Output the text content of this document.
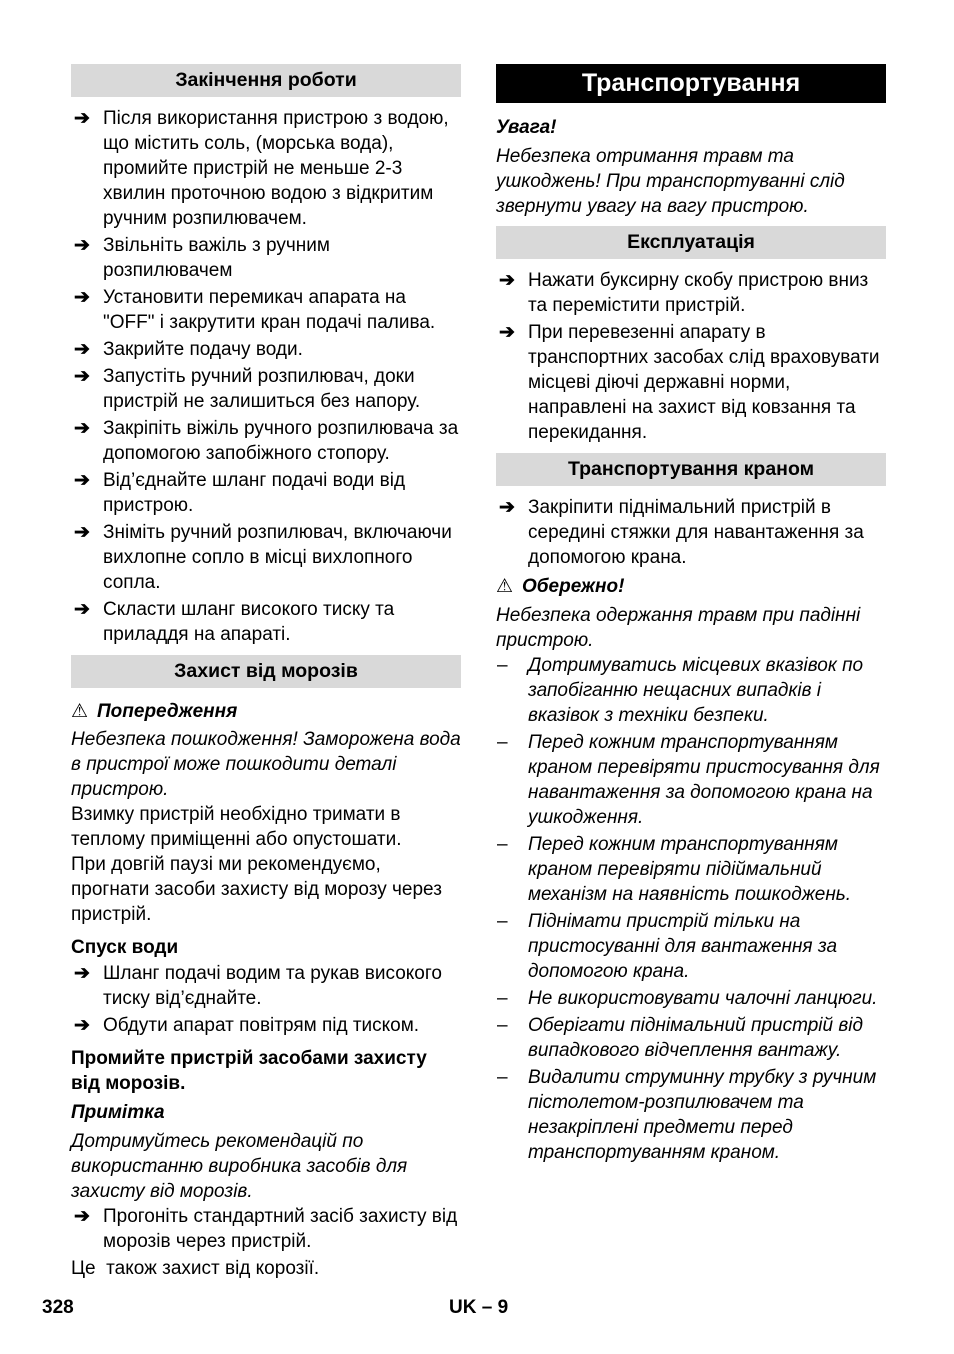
Закінчення роботи
➔ Після використання пристрою з водою, що містить соль, (морська вода), промийте пристрій не меньше 2-3 хвилин проточною водою з відкритим ручним розпилювачем.
➔ Звільніть важіль з ручним розпилювачем
➔ Установити перемикач апарата на "OFF" і закрутити кран подачі палива.
➔ Закрийте подачу води.
➔ Запустіть ручний розпилювач, доки пристрій не залишиться без напору.
➔ Закріпіть віжіль ручного розпилювача за допомогою запобіжного стопору.
➔ Від’єднайте шланг подачі води від пристрою.
➔ Зніміть ручний розпилювач, включаючи вихлопне сопло в місці вихлопного сопла.
➔ Скласти шланг високого тиску та приладдя на апараті.
Захист від морозів

⚠ Попередження

Небезпека пошкодження! Заморожена вода в пристрої може пошкодити деталі пристрою.

Взимку пристрій необхідно тримати в теплому приміщенні або опустошати.

При довгій паузі ми рекомендуємо, прогнати засоби захисту від морозу через пристрій.

Спуск води

➔ Шланг подачі водим та рукав високого тиску від’єднайте.
➔ Обдути апарат повітрям під тиском.

Промийте пристрій засобами захисту від морозів.

Примітка

Дотримуйтесь рекомендацій по використанню виробника засобів для захисту від морозів.

➔ Прогоніть стандартний засіб захисту від морозів через пристрій.

Це  також захист від корозії.

Транспортування

Увага!

Небезпека отримання травм та ушкоджень! При транспортуванні слід звернути увагу на вагу пристрою.

Експлуатація
➔ Нажати буксирну скобу пристрою вниз та перемістити пристрій.
➔ При перевезенні апарату в транспортних засобах слід враховувати місцеві діючі державні норми, направлені на захист від ковзання та перекидання.
Транспортування краном
➔ Закріпити піднімальний пристрій в середині стяжки для навантаження за допомогою крана.

⚠ Обережно!

Небезпека одержання травм при падінні пристрою.

–	Дотримуватись місцевих вказівок по запобіганню нещасних випадків і вказівок з техніки безпеки.
–	Перед кожним транспортуванням краном перевіряти пристосування для навантаження за допомогою крана на ушкодження.
–	Перед кожним транспортуванням краном перевіряти підіймальний механізм на наявність пошкоджень.
–	Піднімати пристрій тільки на пристосуванні для вантаження за допомогою крана.
–	Не використовувати чалочні ланцюги.
–	Оберігати піднімальний пристрій від випадкового відчеплення вантажу.
–	Видалити струминну трубку з ручним пістолетом-розпилювачем та незакріплені предмети перед транспортуванням краном.
328	UK – 9
